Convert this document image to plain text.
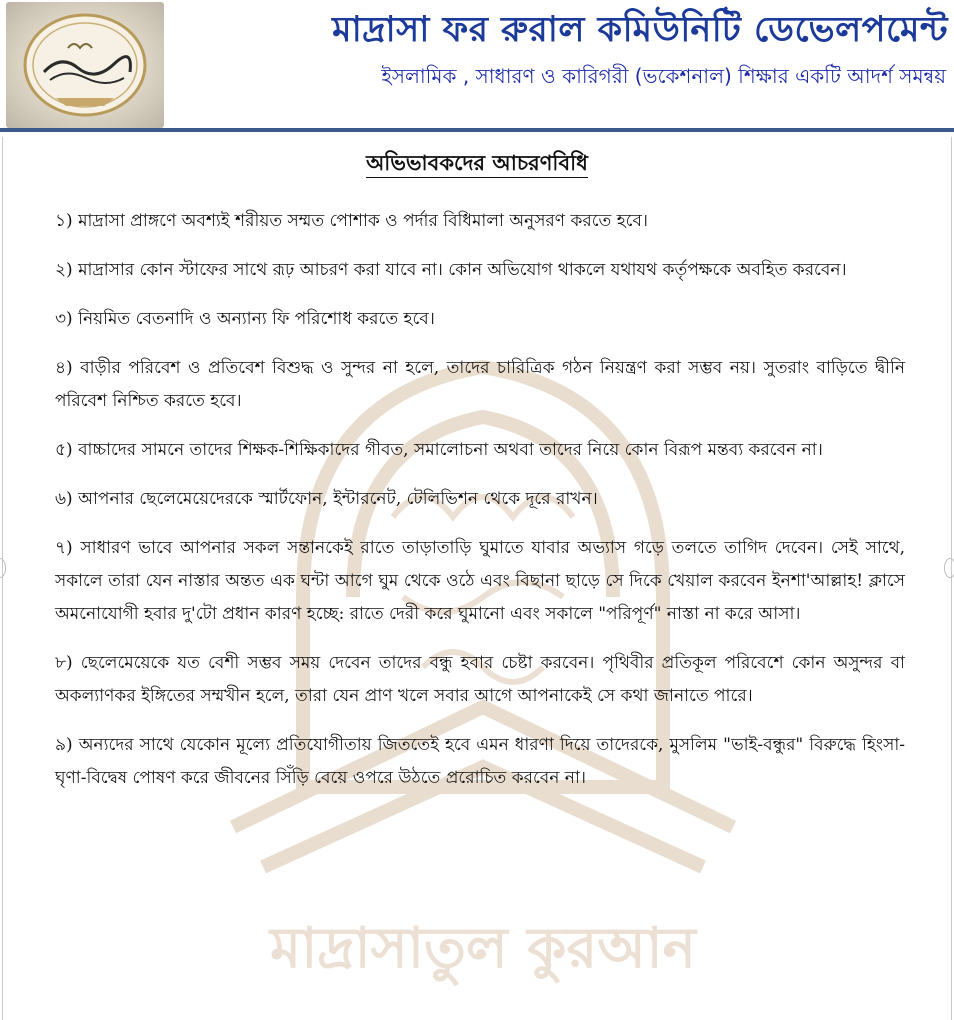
মাদ্রাসা ফর রুরাল কমিউনিটি ডেভেলপমেন্ট
ইসলামিক , সাধারণ ও কারিগরী (ভকেশনাল) শিক্ষার একটি আদর্শ সমন্বয়
মাদ্রাসাতুল কুরআন
অভিভাবকদের আচরণবিধি

১) মাদ্রাসা প্রাঙ্গণে অবশ্যই শরীয়ত সম্মত পোশাক ও পর্দার বিধিমালা অনুসরণ করতে হবে।

২) মাদ্রাসার কোন স্টাফের সাথে রূঢ় আচরণ করা যাবে না। কোন অভিযোগ থাকলে যথাযথ কর্তৃপক্ষকে অবহিত করবেন।

৩) নিয়মিত বেতনাদি ও অন্যান্য ফি পরিশোধ করতে হবে।

৪) বাড়ীর পরিবেশ ও প্রতিবেশ বিশুদ্ধ ও সুন্দর না হলে, তাদের চারিত্রিক গঠন নিয়ন্ত্রণ করা সম্ভব নয়। সুতরাং বাড়িতে দ্বীনি পরিবেশ নিশ্চিত করতে হবে।

৫) বাচ্চাদের সামনে তাদের শিক্ষক-শিক্ষিকাদের গীবত, সমালোচনা অথবা তাদের নিয়ে কোন বিরূপ মন্তব্য করবেন না।

৬) আপনার ছেলেমেয়েদেরকে স্মার্টফোন, ইন্টারনেট, টেলিভিশন থেকে দূরে রাখন।

৭) সাধারণ ভাবে আপনার সকল সন্তানকেই রাতে তাড়াতাড়ি ঘুমাতে যাবার অভ্যাস গড়ে তলতে তাগিদ দেবেন। সেই সাথে, সকালে তারা যেন নাস্তার অন্তত এক ঘন্টা আগে ঘুম থেকে ওঠে এবং বিছানা ছাড়ে সে দিকে খেয়াল করবেন ইনশা'আল্লাহ! ক্লাসে অমনোযোগী হবার দু'টো প্রধান কারণ হচ্ছে: রাতে দেরী করে ঘুমানো এবং সকালে "পরিপূর্ণ" নাস্তা না করে আসা।

৮) ছেলেমেয়েকে যত বেশী সম্ভব সময় দেবেন তাদের বন্ধু হবার চেষ্টা করবেন। পৃথিবীর প্রতিকূল পরিবেশে কোন অসুন্দর বা অকল্যাণকর ইঙ্গিতের সম্মখীন হলে, তারা যেন প্রাণ খলে সবার আগে আপনাকেই সে কথা জানাতে পারে।

৯) অন্যদের সাথে যেকোন মূল্যে প্রতিযোগীতায় জিততেই হবে এমন ধারণা দিয়ে তাদেরকে, মুসলিম "ভাই-বন্ধুর" বিরুদ্ধে হিংসা-ঘৃণা-বিদ্বেষ পোষণ করে জীবনের সিঁড়ি বেয়ে ওপরে উঠতে প্ররোচিত করবেন না।
